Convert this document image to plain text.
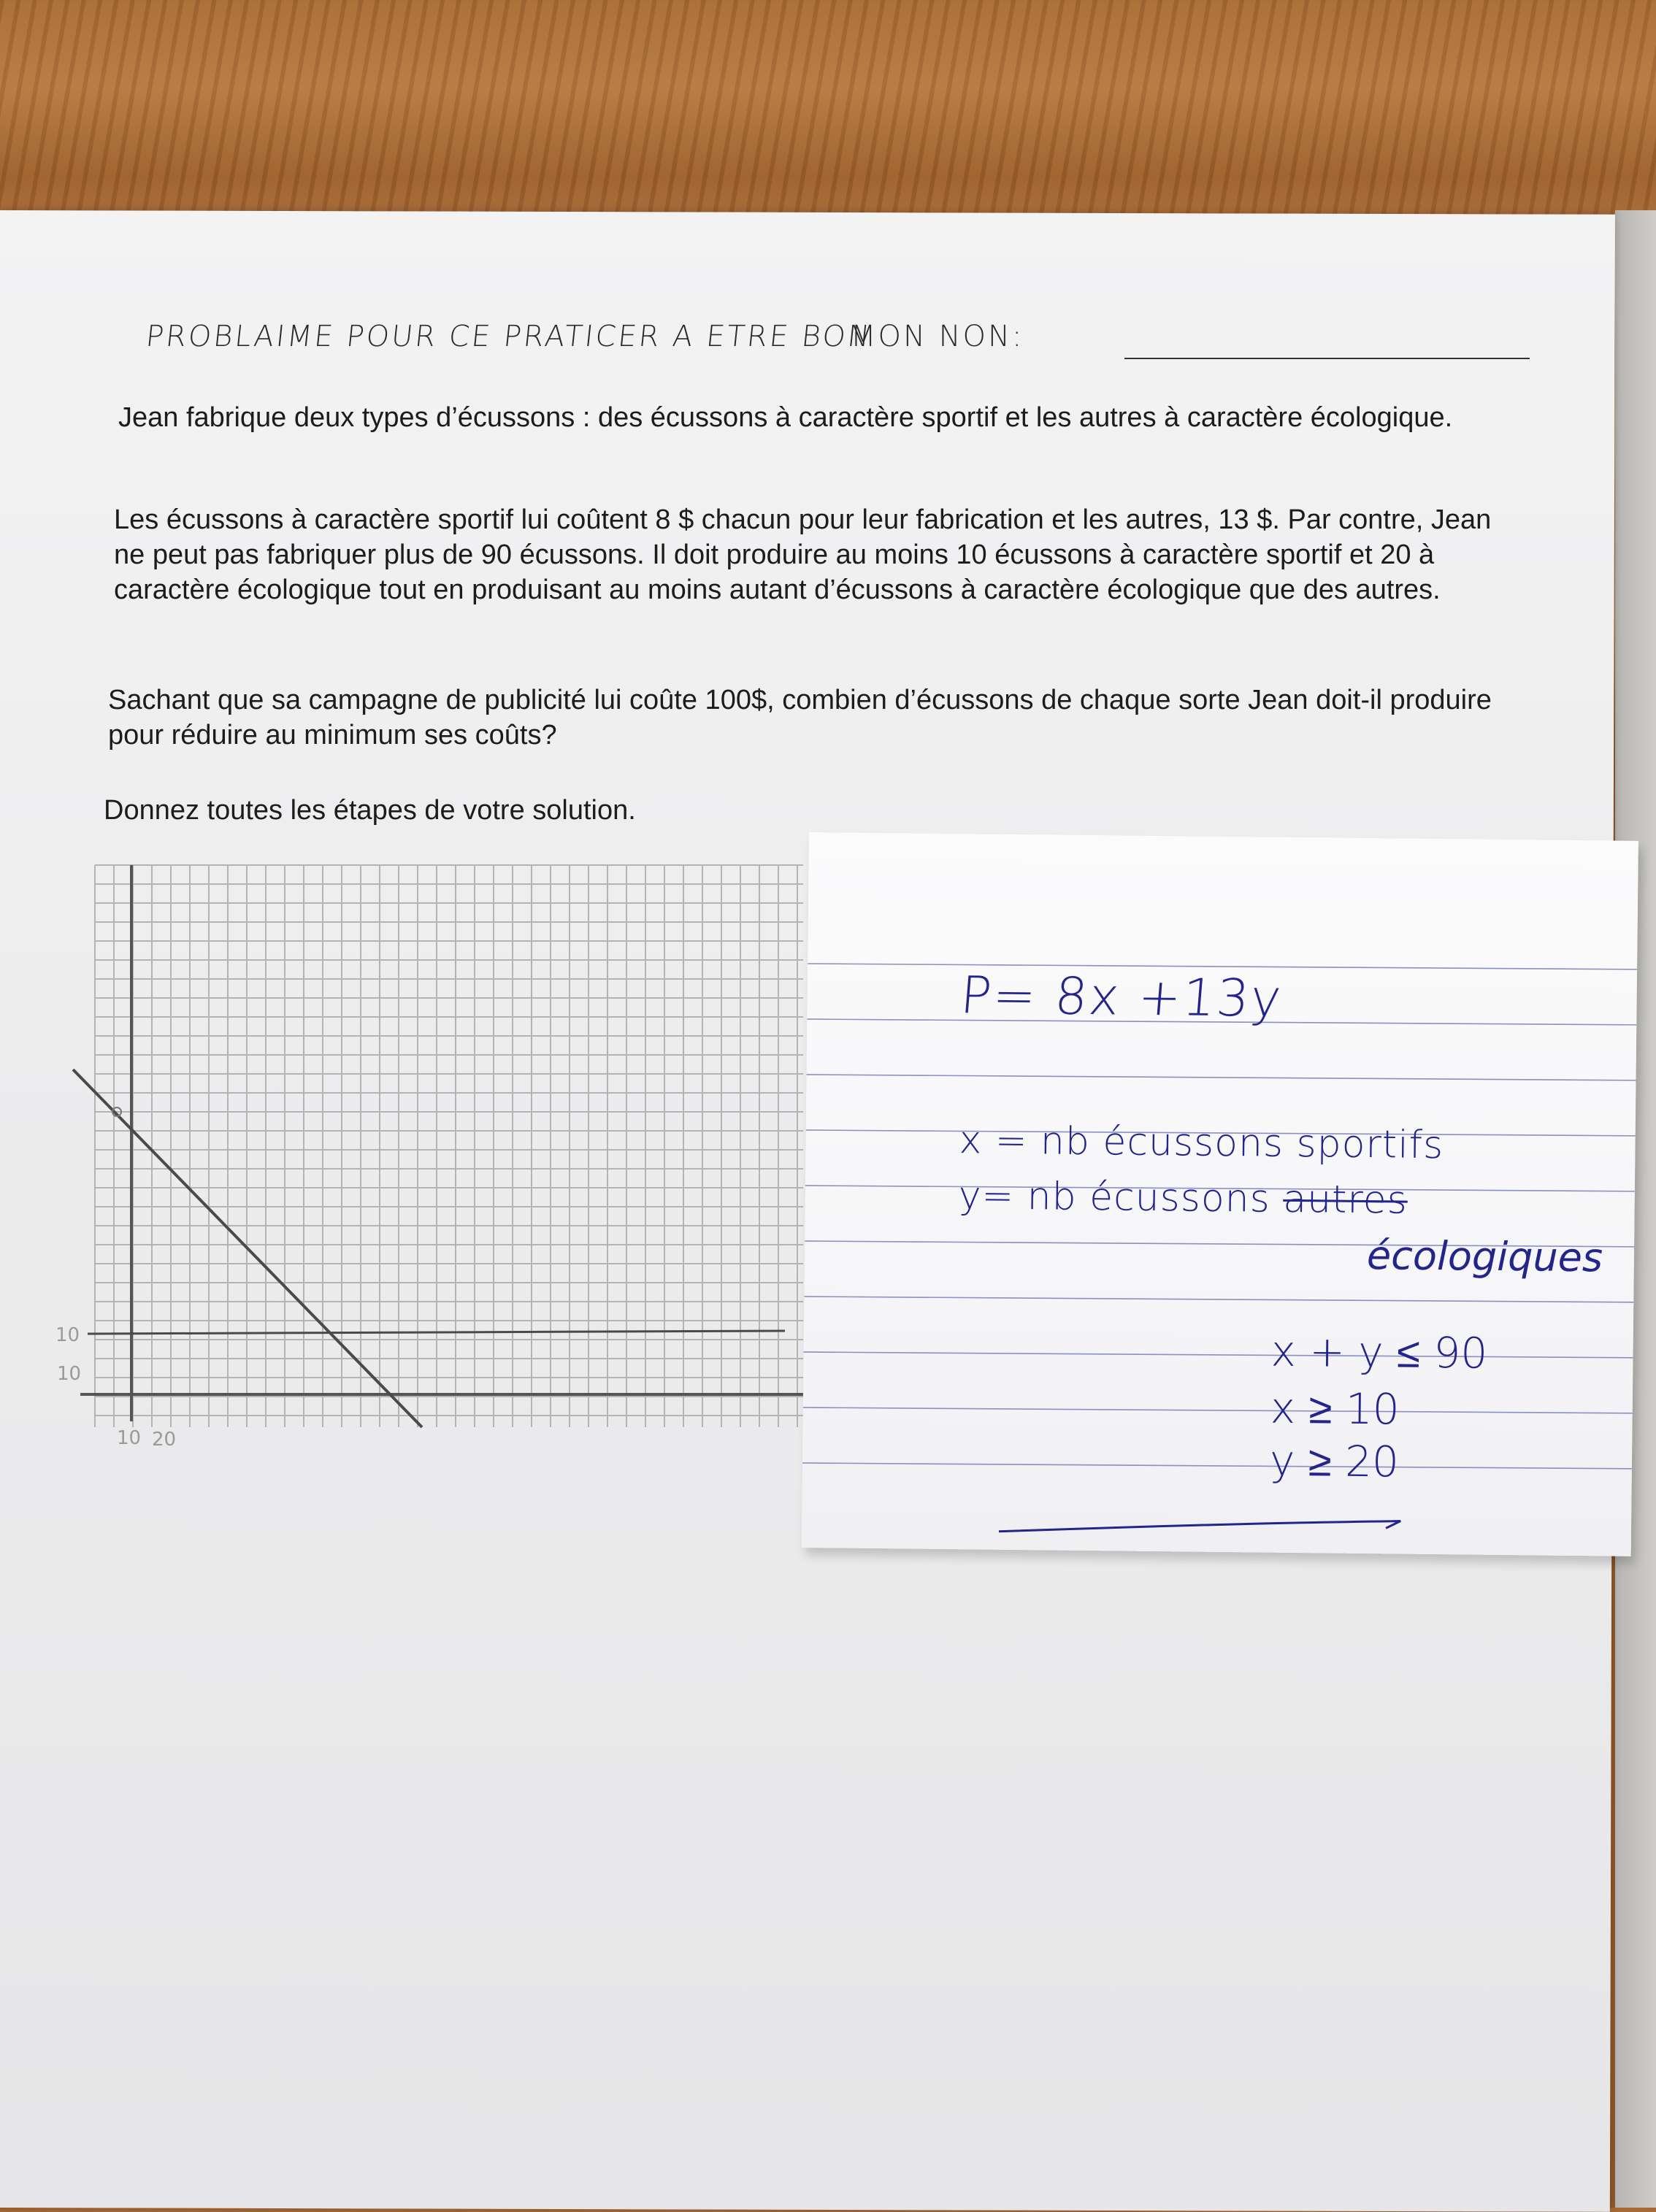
PROBLAIME POUR CE PRATICER A ETRE BON
MON NON:

Jean fabrique deux types d’écussons : des écussons à caractère sportif et les autres à caractère écologique.

Les écussons à caractère sportif lui coûtent 8 $ chacun pour leur fabrication et les autres, 13 $. Par contre, Jean ne peut pas fabriquer plus de 90 écussons. Il doit produire au moins 10 écussons à caractère sportif et 20 à caractère écologique tout en produisant au moins autant d’écussons à caractère écologique que des autres.

Sachant que sa campagne de publicité lui coûte 100$, combien d’écussons de chaque sorte Jean doit-il produire pour réduire au minimum ses coûts?

Donnez toutes les étapes de votre solution.

10 20
10
10
P= 8x +13y
x = nb écussons sportifs
y= nb écussons autres
écologiques
x + y ≤ 90
x ≥ 10
y ≥ 20
